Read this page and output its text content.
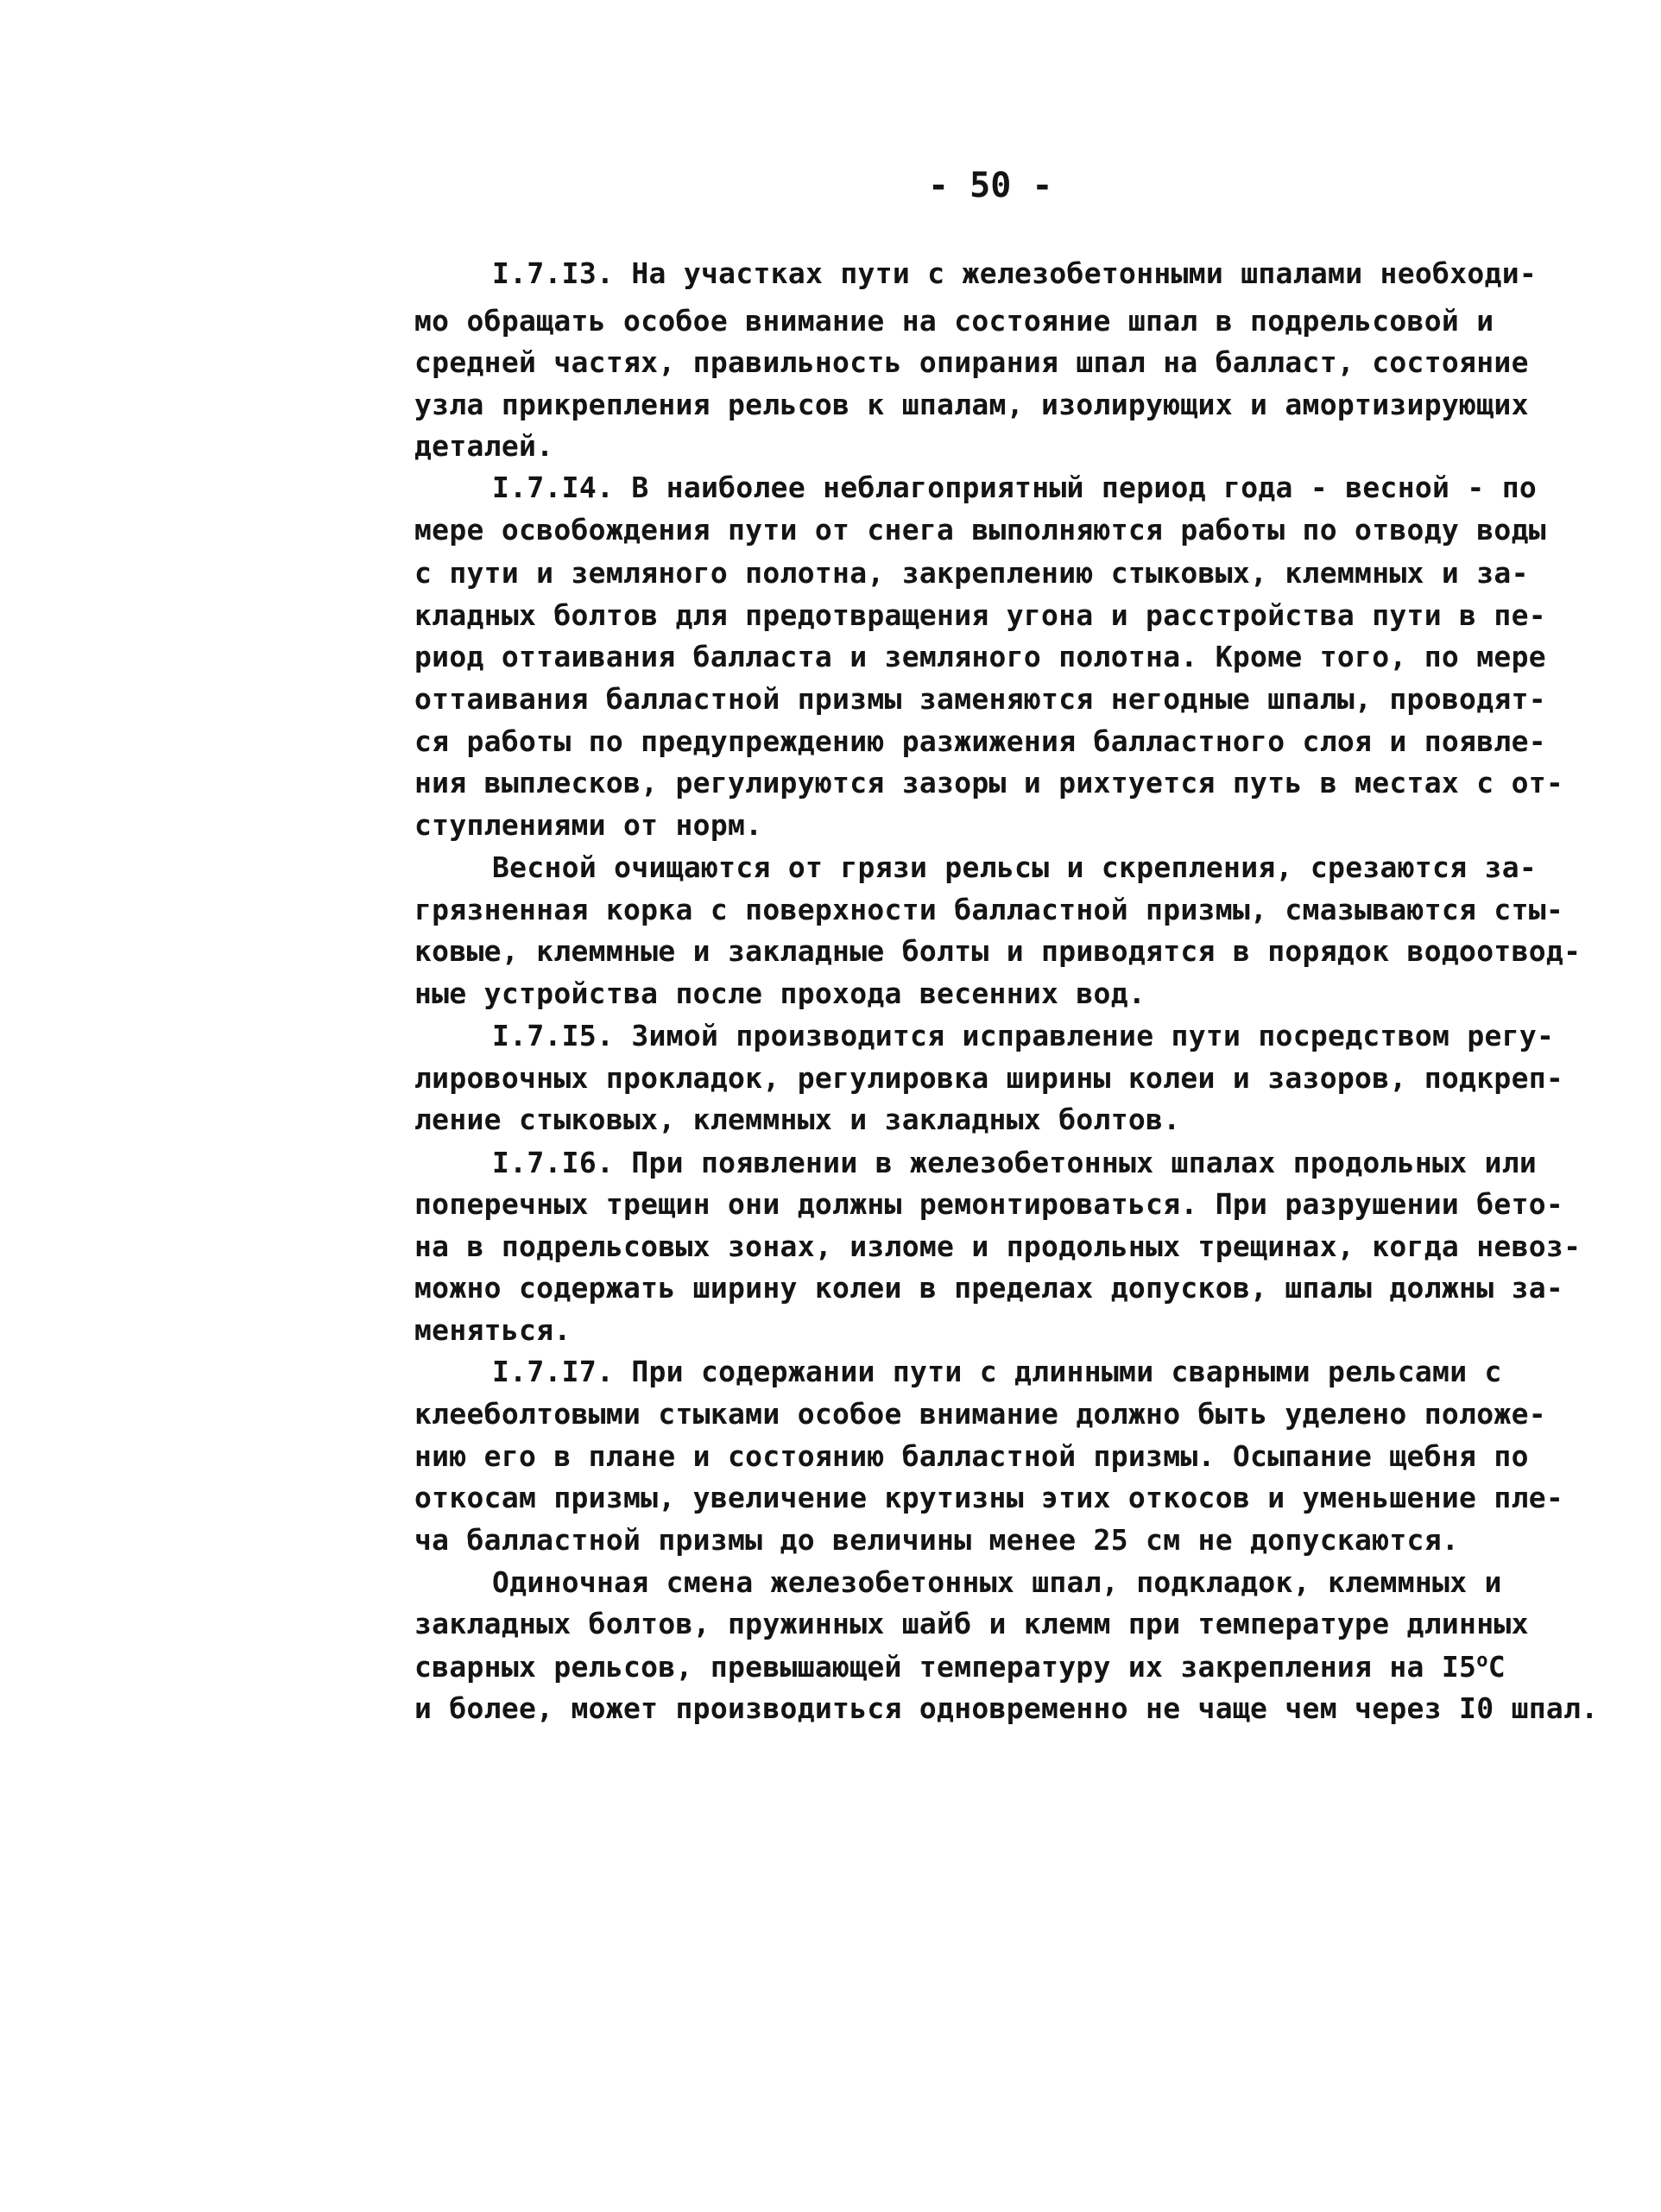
- 50 -
I.7.I3. На участках пути с железобетонными шпалами необходи-
мо обращать особое внимание на состояние шпал в подрельсовой и
средней частях, правильность опирания шпал на балласт, состояние
узла прикрепления рельсов к шпалам, изолирующих и амортизирующих
деталей.
I.7.I4. В наиболее неблагоприятный период года - весной - по
мере освобождения пути от снега выполняются работы по отводу воды
с пути и земляного полотна, закреплению стыковых, клеммных и за-
кладных болтов для предотвращения угона и расстройства пути в пе-
риод оттаивания балласта и земляного полотна. Кроме того, по мере
оттаивания балластной призмы заменяются негодные шпалы, проводят-
ся работы по предупреждению разжижения балластного слоя и появле-
ния выплесков, регулируются зазоры и рихтуется путь в местах с от-
ступлениями от норм.
Весной очищаются от грязи рельсы и скрепления, срезаются за-
грязненная корка с поверхности балластной призмы, смазываются сты-
ковые, клеммные и закладные болты и приводятся в порядок водоотвод-
ные устройства после прохода весенних вод.
I.7.I5. Зимой производится исправление пути посредством регу-
лировочных прокладок, регулировка ширины колеи и зазоров, подкреп-
ление стыковых, клеммных и закладных болтов.
I.7.I6. При появлении в железобетонных шпалах продольных или
поперечных трещин они должны ремонтироваться. При разрушении бето-
на в подрельсовых зонах, изломе и продольных трещинах, когда невоз-
можно содержать ширину колеи в пределах допусков, шпалы должны за-
меняться.
I.7.I7. При содержании пути с длинными сварными рельсами с
клееболтовыми стыками особое внимание должно быть уделено положе-
нию его в плане и состоянию балластной призмы. Осыпание щебня по
откосам призмы, увеличение крутизны этих откосов и уменьшение пле-
ча балластной призмы до величины менее 25 см не допускаются.
Одиночная смена железобетонных шпал, подкладок, клеммных и
закладных болтов, пружинных шайб и клемм при температуре длинных
сварных рельсов, превышающей температуру их закрепления на $I5^оС$
и более, может производиться одновременно не чаще чем через I0 шпал.
